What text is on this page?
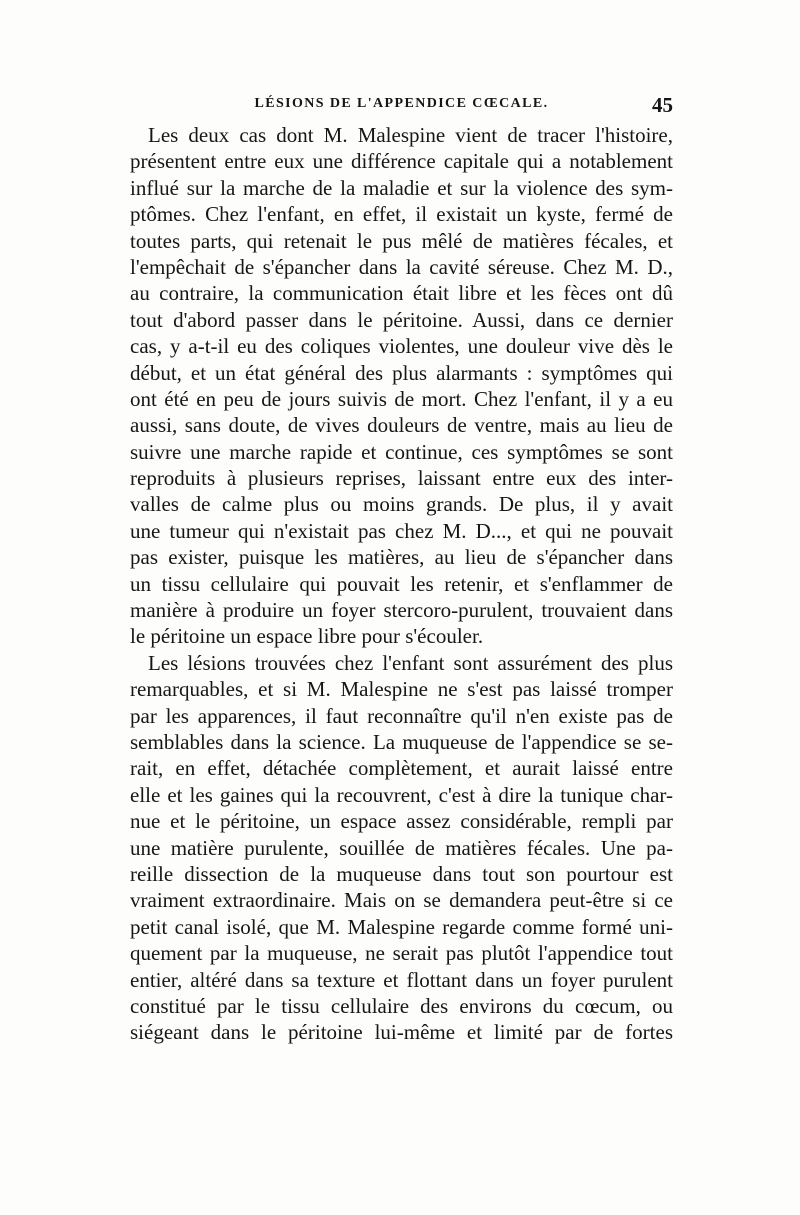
LÉSIONS DE L'APPENDICE CŒCALE.	45
Les deux cas dont M. Malespine vient de tracer l'histoire,
présentent entre eux une différence capitale qui a notablement
influé sur la marche de la maladie et sur la violence des sym-
ptômes. Chez l'enfant, en effet, il existait un kyste, fermé de
toutes parts, qui retenait le pus mêlé de matières fécales, et
l'empêchait de s'épancher dans la cavité séreuse. Chez M. D.,
au contraire, la communication était libre et les fèces ont dû
tout d'abord passer dans le péritoine. Aussi, dans ce dernier
cas, y a-t-il eu des coliques violentes, une douleur vive dès le
début, et un état général des plus alarmants : symptômes qui
ont été en peu de jours suivis de mort. Chez l'enfant, il y a eu
aussi, sans doute, de vives douleurs de ventre, mais au lieu de
suivre une marche rapide et continue, ces symptômes se sont
reproduits à plusieurs reprises, laissant entre eux des inter-
valles de calme plus ou moins grands. De plus, il y avait
une tumeur qui n'existait pas chez M. D..., et qui ne pouvait
pas exister, puisque les matières, au lieu de s'épancher dans
un tissu cellulaire qui pouvait les retenir, et s'enflammer de
manière à produire un foyer stercoro-purulent, trouvaient dans
le péritoine un espace libre pour s'écouler.
Les lésions trouvées chez l'enfant sont assurément des plus
remarquables, et si M. Malespine ne s'est pas laissé tromper
par les apparences, il faut reconnaître qu'il n'en existe pas de
semblables dans la science. La muqueuse de l'appendice se se-
rait, en effet, détachée complètement, et aurait laissé entre
elle et les gaines qui la recouvrent, c'est à dire la tunique char-
nue et le péritoine, un espace assez considérable, rempli par
une matière purulente, souillée de matières fécales. Une pa-
reille dissection de la muqueuse dans tout son pourtour est
vraiment extraordinaire. Mais on se demandera peut-être si ce
petit canal isolé, que M. Malespine regarde comme formé uni-
quement par la muqueuse, ne serait pas plutôt l'appendice tout
entier, altéré dans sa texture et flottant dans un foyer purulent
constitué par le tissu cellulaire des environs du cœcum, ou
siégeant dans le péritoine lui-même et limité par de fortes
